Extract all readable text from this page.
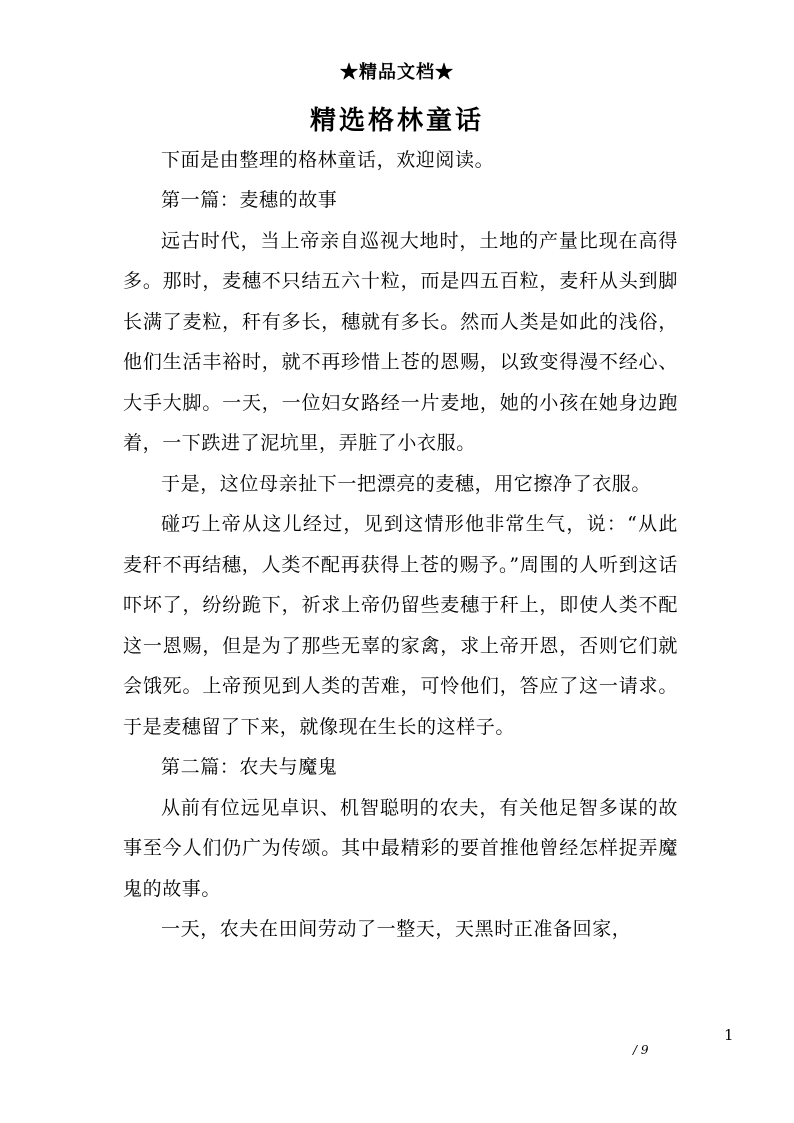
★精品文档★
精选格林童话

下面是由整理的格林童话，欢迎阅读。

第一篇：麦穗的故事

远古时代，当上帝亲自巡视大地时，土地的产量比现在高得多。那时，麦穗不只结五六十粒，而是四五百粒，麦秆从头到脚长满了麦粒，秆有多长，穗就有多长。然而人类是如此的浅俗，他们生活丰裕时，就不再珍惜上苍的恩赐，以致变得漫不经心、大手大脚。一天，一位妇女路经一片麦地，她的小孩在她身边跑着，一下跌进了泥坑里，弄脏了小衣服。

于是，这位母亲扯下一把漂亮的麦穗，用它擦净了衣服。

碰巧上帝从这儿经过，见到这情形他非常生气，说：“从此麦秆不再结穗，人类不配再获得上苍的赐予。”周围的人听到这话吓坏了，纷纷跪下，祈求上帝仍留些麦穗于秆上，即使人类不配这一恩赐，但是为了那些无辜的家禽，求上帝开恩，否则它们就会饿死。上帝预见到人类的苦难，可怜他们，答应了这一请求。于是麦穗留了下来，就像现在生长的这样子。

第二篇：农夫与魔鬼

从前有位远见卓识、机智聪明的农夫，有关他足智多谋的故事至今人们仍广为传颂。其中最精彩的要首推他曾经怎样捉弄魔鬼的故事。

一天，农夫在田间劳动了一整天，天黑时正准备回家，

1
/ 9
